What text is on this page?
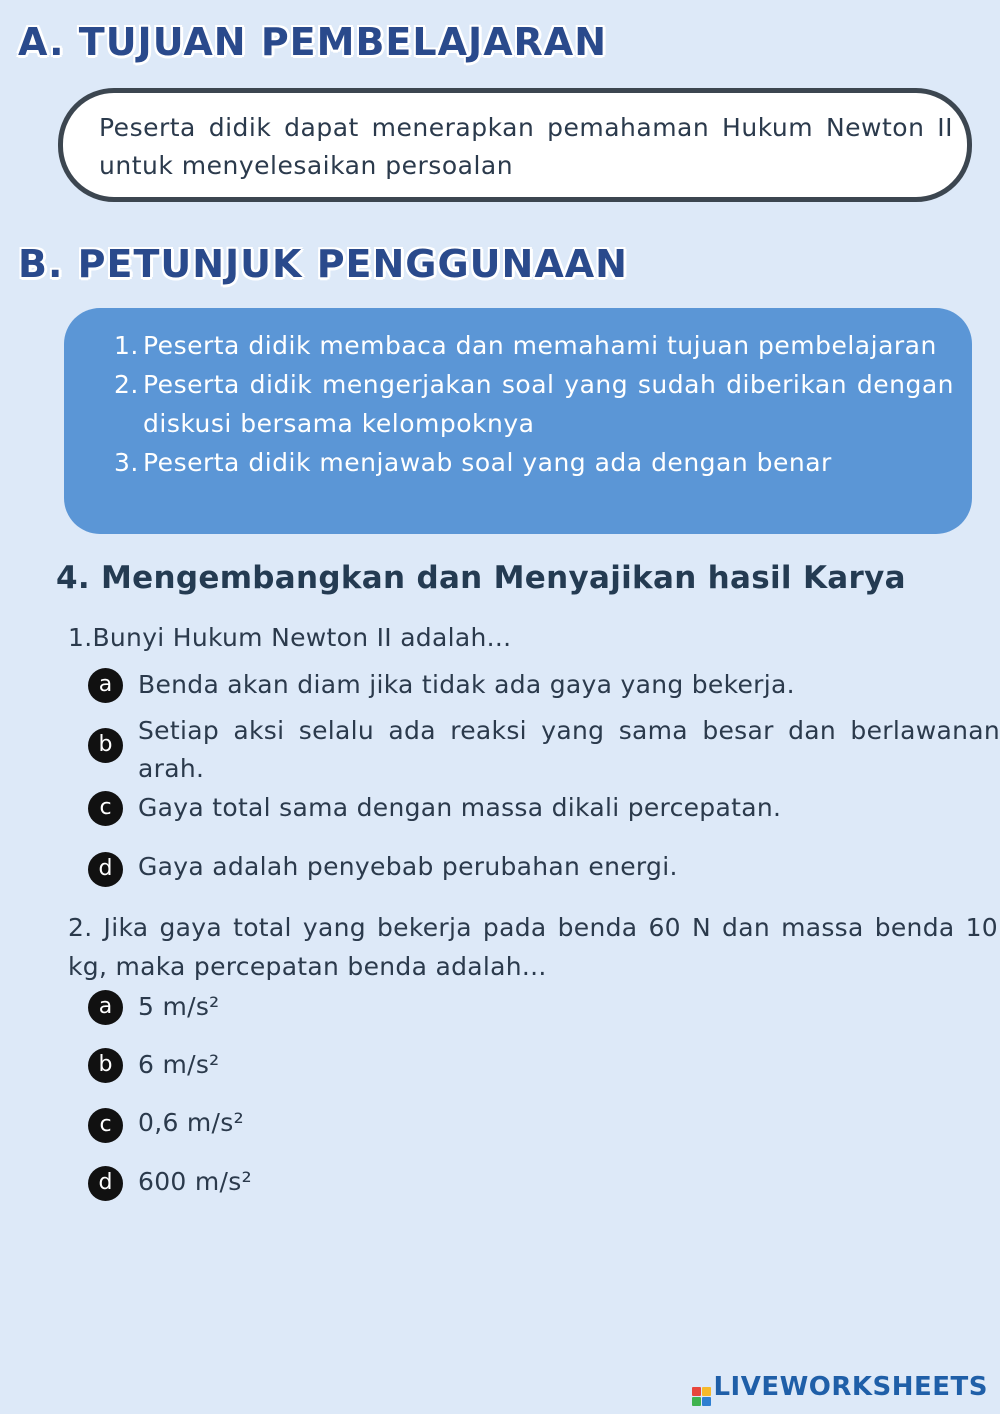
A. TUJUAN PEMBELAJARAN

Peserta didik dapat menerapkan pemahaman Hukum Newton II untuk menyelesaikan persoalan

B. PETUNJUK PENGGUNAAN
1. Peserta didik membaca dan memahami tujuan pembelajaran
2. Peserta didik mengerjakan soal yang sudah diberikan dengan diskusi bersama kelompoknya
3. Peserta didik menjawab soal yang ada dengan benar
4. Mengembangkan dan Menyajikan hasil Karya

1.Bunyi Hukum Newton II adalah...

a	Benda akan diam jika tidak ada gaya yang bekerja.
b	Setiap aksi selalu ada reaksi yang sama besar dan berlawanan arah.
c	Gaya total sama dengan massa dikali percepatan.
d	Gaya adalah penyebab perubahan energi.

2. Jika gaya total yang bekerja pada benda 60 N dan massa benda 10 kg, maka percepatan benda adalah...

a	5 m/s²
b	6 m/s²
c	0,6 m/s²
d	600 m/s²
LIVEWORKSHEETS
